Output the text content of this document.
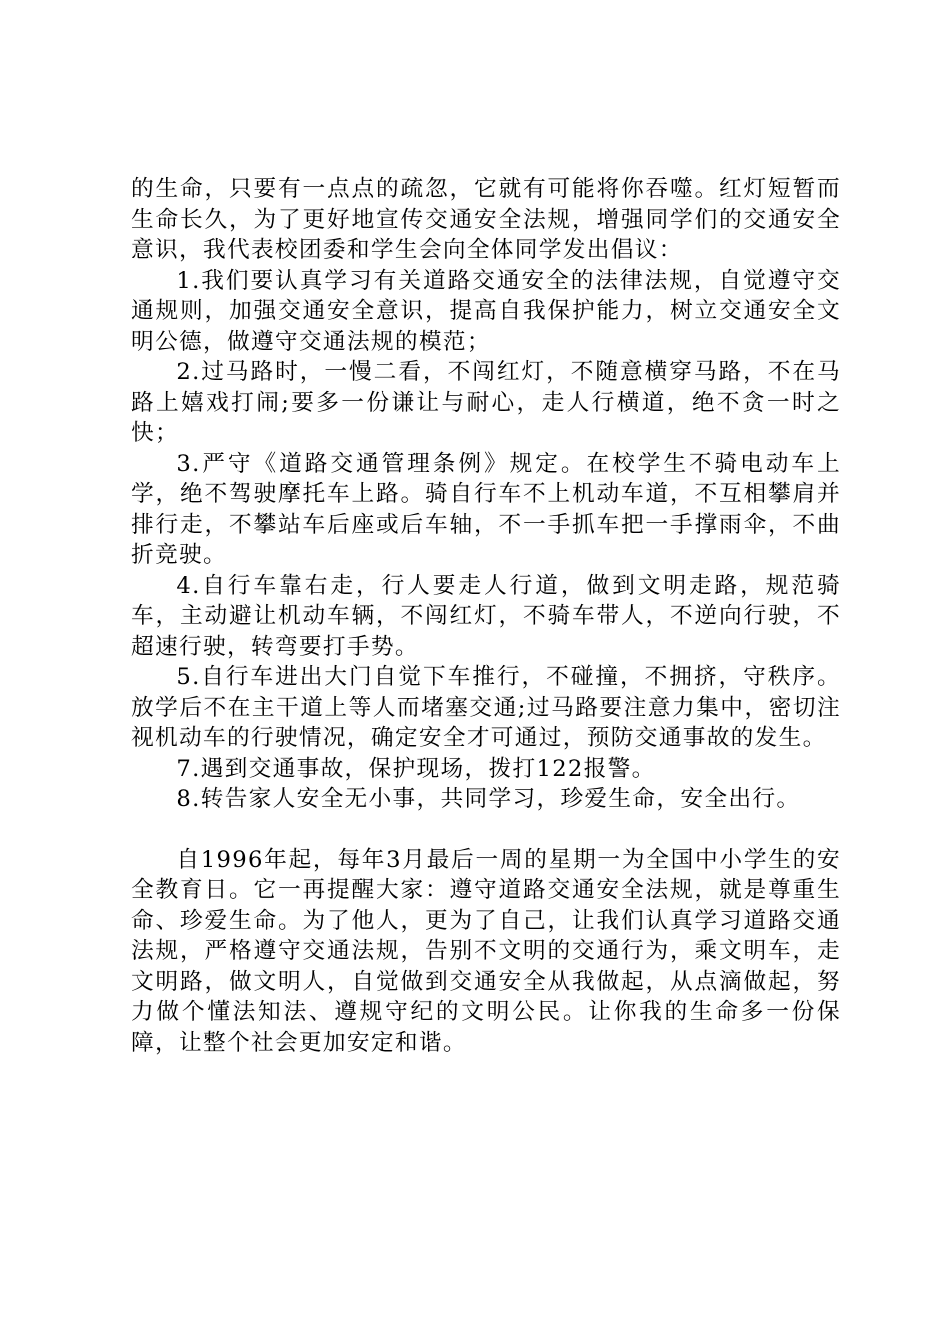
的生命，只要有一点点的疏忽，它就有可能将你吞噬。红灯短暂而生命长久，为了更好地宣传交通安全法规，增强同学们的交通安全意识，我代表校团委和学生会向全体同学发出倡议：

1.我们要认真学习有关道路交通安全的法律法规，自觉遵守交通规则，加强交通安全意识，提高自我保护能力，树立交通安全文明公德，做遵守交通法规的模范；

2.过马路时，一慢二看，不闯红灯，不随意横穿马路，不在马路上嬉戏打闹;要多一份谦让与耐心，走人行横道，绝不贪一时之快；

3.严守《道路交通管理条例》规定。在校学生不骑电动车上学，绝不驾驶摩托车上路。骑自行车不上机动车道，不互相攀肩并排行走，不攀站车后座或后车轴，不一手抓车把一手撑雨伞，不曲折竞驶。

4.自行车靠右走，行人要走人行道，做到文明走路，规范骑车，主动避让机动车辆，不闯红灯，不骑车带人，不逆向行驶，不超速行驶，转弯要打手势。

5.自行车进出大门自觉下车推行，不碰撞，不拥挤，守秩序。放学后不在主干道上等人而堵塞交通;过马路要注意力集中，密切注视机动车的行驶情况，确定安全才可通过，预防交通事故的发生。

7.遇到交通事故，保护现场，拨打122报警。

8.转告家人安全无小事，共同学习，珍爱生命，安全出行。

自1996年起，每年3月最后一周的星期一为全国中小学生的安全教育日。它一再提醒大家：遵守道路交通安全法规，就是尊重生命、珍爱生命。为了他人，更为了自己，让我们认真学习道路交通法规，严格遵守交通法规，告别不文明的交通行为，乘文明车，走文明路，做文明人，自觉做到交通安全从我做起，从点滴做起，努力做个懂法知法、遵规守纪的文明公民。让你我的生命多一份保障，让整个社会更加安定和谐。
